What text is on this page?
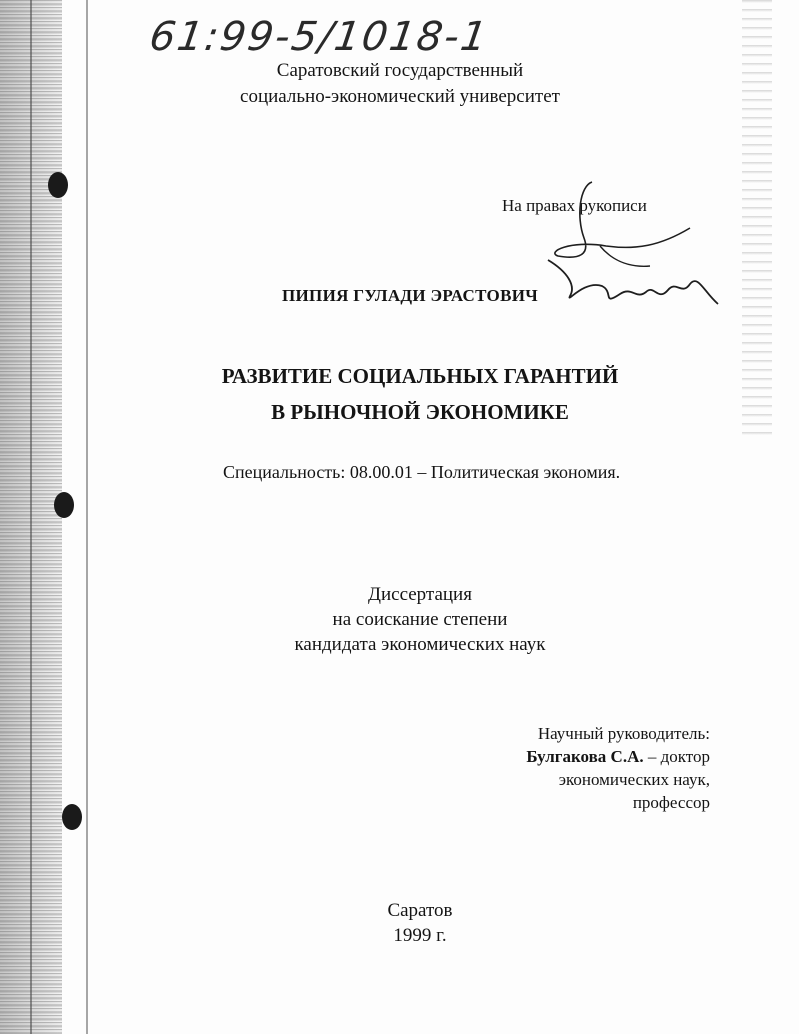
61:99-5/1018-1
Саратовский государственный
социально-экономический университет
На правах рукописи
ПИПИЯ ГУЛАДИ ЭРАСТОВИЧ
РАЗВИТИЕ СОЦИАЛЬНЫХ ГАРАНТИЙ
В РЫНОЧНОЙ ЭКОНОМИКЕ
Специальность: 08.00.01 – Политическая экономия.
Диссертация
на соискание степени
кандидата экономических наук
Научный руководитель:
Булгакова С.А. – доктор
экономических наук,
профессор
Саратов
1999 г.
